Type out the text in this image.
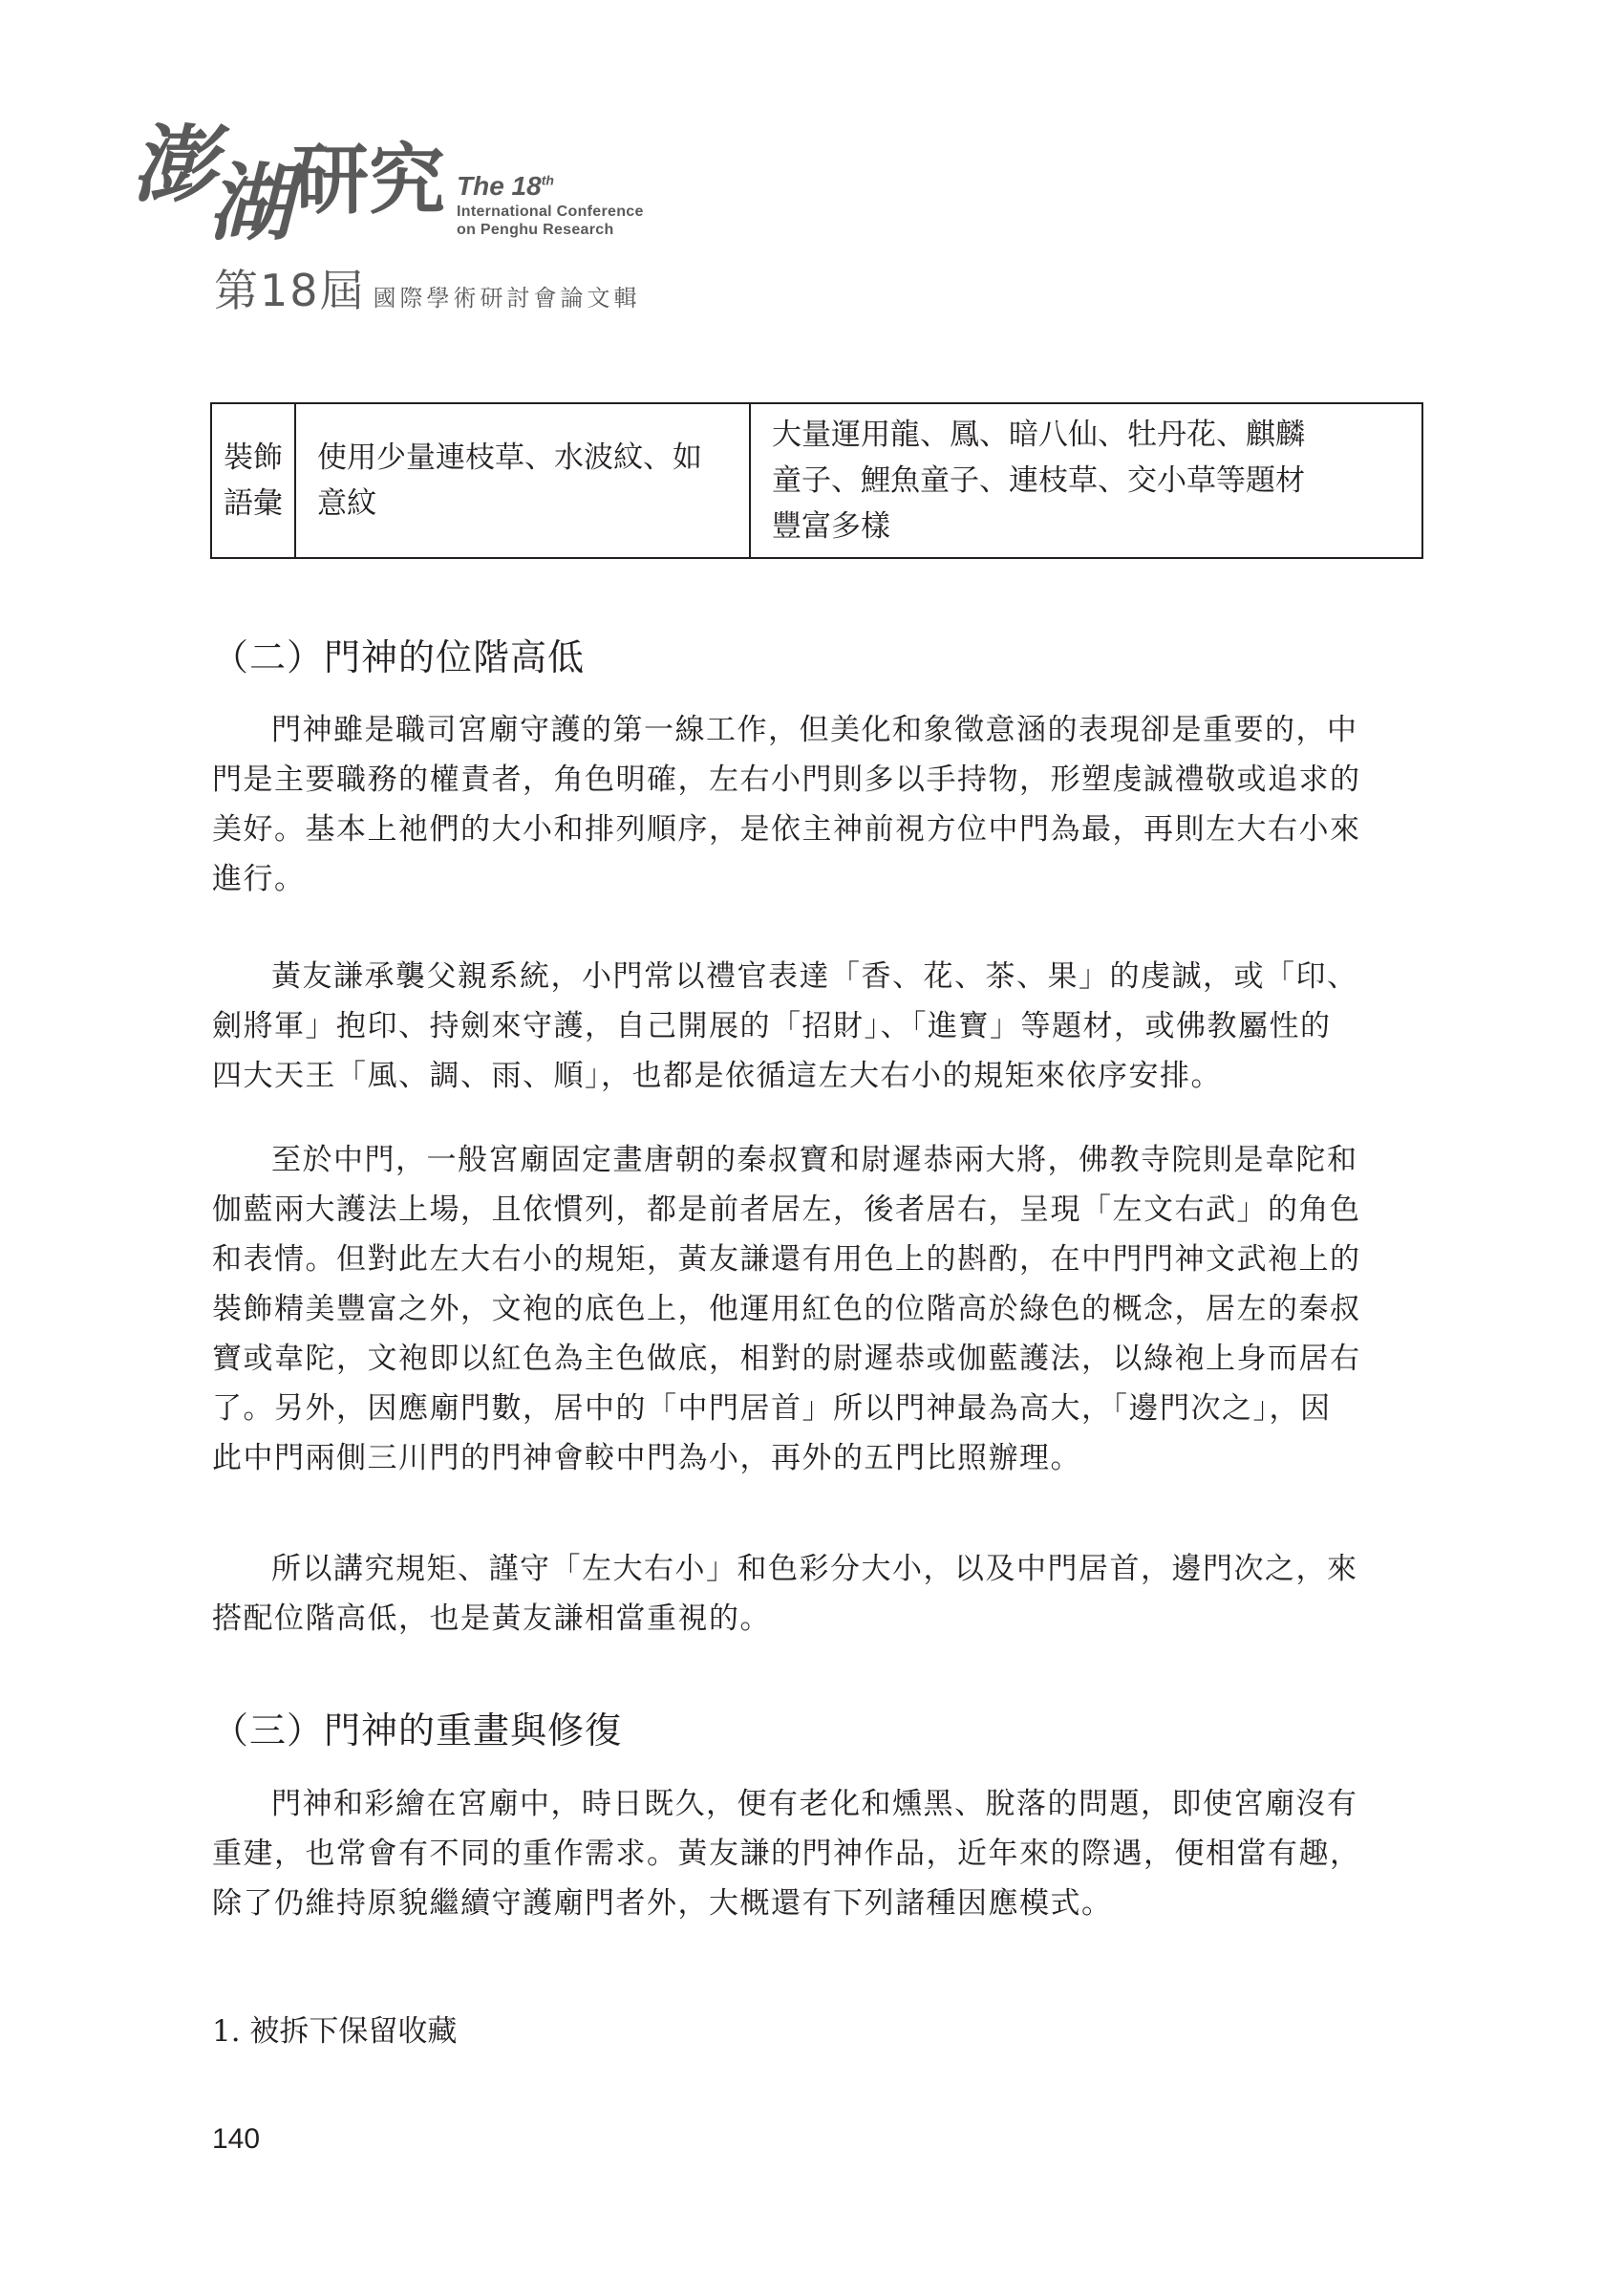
澎
湖 研究 The 18th
International Conference
on Penghu Research
第18屆 國際學術研討會論文輯
裝飾
語彙

使用少量連枝草、水波紋、如
意紋

大量運用龍、鳳、暗八仙、牡丹花、麒麟
童子、鯉魚童子、連枝草、交小草等題材
豐富多樣
（二）門神的位階高低
門神雖是職司宮廟守護的第一線工作，但美化和象徵意涵的表現卻是重要的，中
門是主要職務的權責者，角色明確，左右小門則多以手持物，形塑虔誠禮敬或追求的
美好。基本上祂們的大小和排列順序，是依主神前視方位中門為最，再則左大右小來
進行。
黃友謙承襲父親系統，小門常以禮官表達「香、花、茶、果」的虔誠，或「印、
劍將軍」抱印、持劍來守護，自己開展的「招財」、「進寶」等題材，或佛教屬性的
四大天王「風、調、雨、順」，也都是依循這左大右小的規矩來依序安排。
至於中門，一般宮廟固定畫唐朝的秦叔寶和尉遲恭兩大將，佛教寺院則是韋陀和
伽藍兩大護法上場，且依慣列，都是前者居左，後者居右，呈現「左文右武」的角色
和表情。但對此左大右小的規矩，黃友謙還有用色上的斟酌，在中門門神文武袍上的
裝飾精美豐富之外，文袍的底色上，他運用紅色的位階高於綠色的概念，居左的秦叔
寶或韋陀，文袍即以紅色為主色做底，相對的尉遲恭或伽藍護法，以綠袍上身而居右
了。另外，因應廟門數，居中的「中門居首」所以門神最為高大，「邊門次之」，因
此中門兩側三川門的門神會較中門為小，再外的五門比照辦理。
所以講究規矩、謹守「左大右小」和色彩分大小，以及中門居首，邊門次之，來
搭配位階高低，也是黃友謙相當重視的。
（三）門神的重畫與修復
門神和彩繪在宮廟中，時日既久，便有老化和燻黑、脫落的問題，即使宮廟沒有
重建，也常會有不同的重作需求。黃友謙的門神作品，近年來的際遇，便相當有趣，
除了仍維持原貌繼續守護廟門者外，大概還有下列諸種因應模式。
1. 被拆下保留收藏
140
